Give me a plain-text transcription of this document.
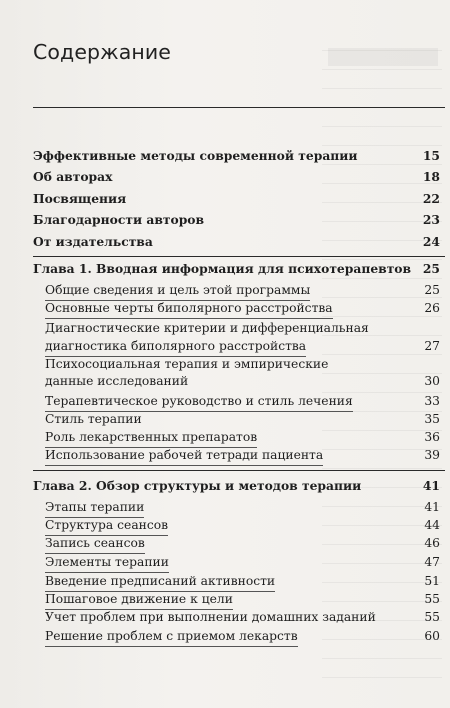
Содержание
Эффективные методы современной терапии	15
Об авторах	18
Посвящения	22
Благодарности авторов	23
От издательства	24
Глава 1. Вводная информация для психотерапевтов 25
Общие сведения и цель этой программы	25
Основные черты биполярного расстройства	26
Диагностические критерии и дифференциальная
диагностика биполярного расстройства	27
Психосоциальная терапия и эмпирические
данные исследований	30
Терапевтическое руководство и стиль лечения	33
Стиль терапии	35
Роль лекарственных препаратов	36
Использование рабочей тетради пациента	39
Глава 2. Обзор структуры и методов терапии	41
Этапы терапии	41
Структура сеансов	44
Запись сеансов	46
Элементы терапии	47
Введение предписаний активности	51
Пошаговое движение к цели	55
Учет проблем при выполнении домашних заданий	55
Решение проблем с приемом лекарств	60
